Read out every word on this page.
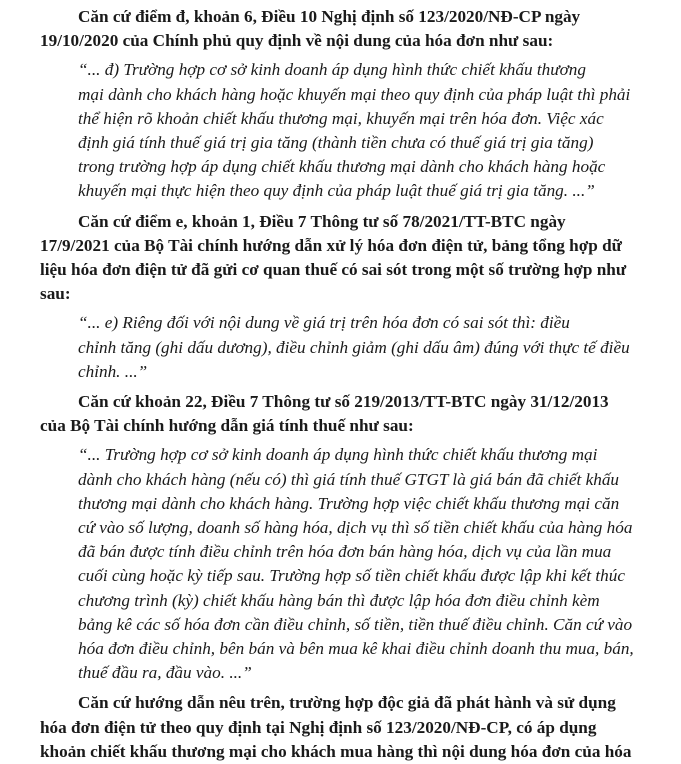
Căn cứ điểm đ, khoản 6, Điều 10 Nghị định số 123/2020/NĐ-CP ngày
19/10/2020 của Chính phủ quy định về nội dung của hóa đơn như sau:

“... đ) Trường hợp cơ sở kinh doanh áp dụng hình thức chiết khấu thương
mại dành cho khách hàng hoặc khuyến mại theo quy định của pháp luật thì phải
thể hiện rõ khoản chiết khấu thương mại, khuyến mại trên hóa đơn. Việc xác
định giá tính thuế giá trị gia tăng (thành tiền chưa có thuế giá trị gia tăng)
trong trường hợp áp dụng chiết khấu thương mại dành cho khách hàng hoặc
khuyến mại thực hiện theo quy định của pháp luật thuế giá trị gia tăng. ...”

Căn cứ điểm e, khoản 1, Điều 7 Thông tư số 78/2021/TT-BTC ngày
17/9/2021 của Bộ Tài chính hướng dẫn xử lý hóa đơn điện tử, bảng tổng hợp dữ
liệu hóa đơn điện tử đã gửi cơ quan thuế có sai sót trong một số trường hợp như
sau:

“... e) Riêng đối với nội dung về giá trị trên hóa đơn có sai sót thì: điều
chỉnh tăng (ghi dấu dương), điều chỉnh giảm (ghi dấu âm) đúng với thực tế điều
chỉnh. ...”

Căn cứ khoản 22, Điều 7 Thông tư số 219/2013/TT-BTC ngày 31/12/2013
của Bộ Tài chính hướng dẫn giá tính thuế như sau:

“... Trường hợp cơ sở kinh doanh áp dụng hình thức chiết khấu thương mại
dành cho khách hàng (nếu có) thì giá tính thuế GTGT là giá bán đã chiết khấu
thương mại dành cho khách hàng. Trường hợp việc chiết khấu thương mại căn
cứ vào số lượng, doanh số hàng hóa, dịch vụ thì số tiền chiết khấu của hàng hóa
đã bán được tính điều chỉnh trên hóa đơn bán hàng hóa, dịch vụ của lần mua
cuối cùng hoặc kỳ tiếp sau. Trường hợp số tiền chiết khấu được lập khi kết thúc
chương trình (kỳ) chiết khấu hàng bán thì được lập hóa đơn điều chỉnh kèm
bảng kê các số hóa đơn cần điều chỉnh, số tiền, tiền thuế điều chỉnh. Căn cứ vào
hóa đơn điều chỉnh, bên bán và bên mua kê khai điều chỉnh doanh thu mua, bán,
thuế đầu ra, đầu vào. ...”

Căn cứ hướng dẫn nêu trên, trường hợp độc giả đã phát hành và sử dụng
hóa đơn điện tử theo quy định tại Nghị định số 123/2020/NĐ-CP, có áp dụng
khoản chiết khấu thương mại cho khách mua hàng thì nội dung hóa đơn của hóa
